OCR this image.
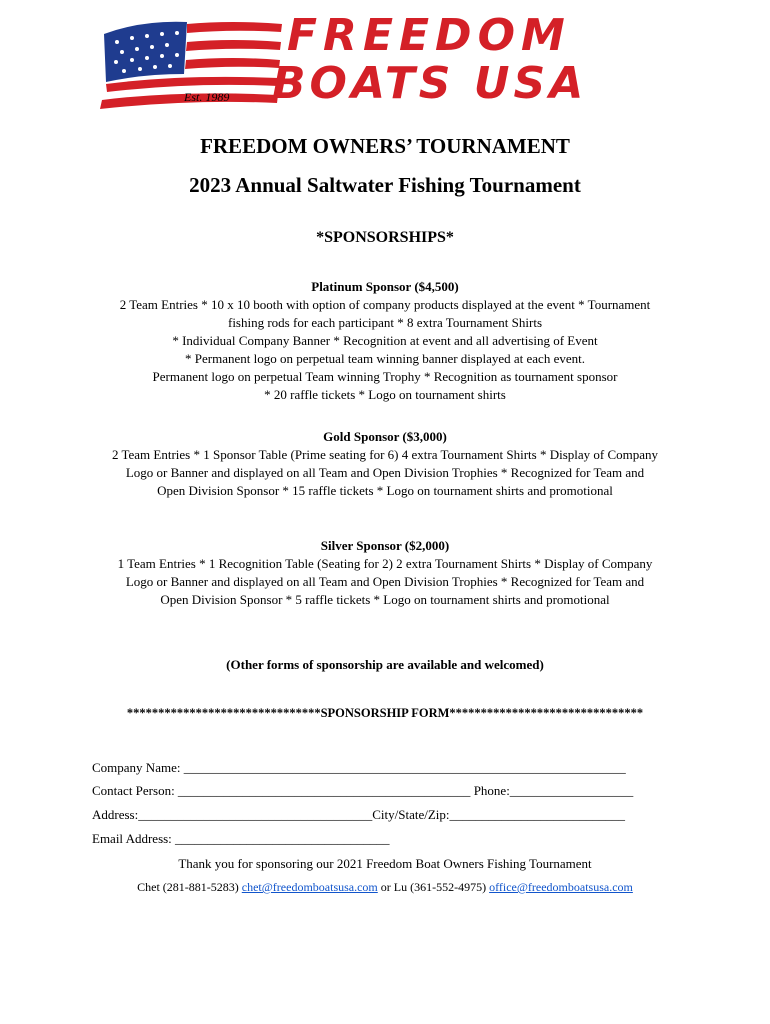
FREEDOM
BOATS USA
Est. 1989
FREEDOM OWNERS’ TOURNAMENT
2023 Annual Saltwater Fishing Tournament
*SPONSORSHIPS*
Platinum Sponsor ($4,500)
2 Team Entries * 10 x 10 booth with option of company products displayed at the event * Tournament
fishing rods for each participant * 8 extra Tournament Shirts
* Individual Company Banner * Recognition at event and all advertising of Event
* Permanent logo on perpetual team winning banner displayed at each event.
Permanent logo on perpetual Team winning Trophy * Recognition as tournament sponsor
* 20 raffle tickets * Logo on tournament shirts
Gold Sponsor ($3,000)
2 Team Entries * 1 Sponsor Table (Prime seating for 6) 4 extra Tournament Shirts * Display of Company
Logo or Banner and displayed on all Team and Open Division Trophies * Recognized for Team and
Open Division Sponsor * 15 raffle tickets * Logo on tournament shirts and promotional
Silver Sponsor ($2,000)
1 Team Entries * 1 Recognition Table (Seating for 2) 2 extra Tournament Shirts * Display of Company
Logo or Banner and displayed on all Team and Open Division Trophies * Recognized for Team and
Open Division Sponsor * 5 raffle tickets * Logo on tournament shirts and promotional
(Other forms of sponsorship are available and welcomed)
*******************************SPONSORSHIP FORM*******************************
Company Name: ____________________________________________________________________
Contact Person: _____________________________________________ Phone:___________________
Address:____________________________________City/State/Zip:___________________________
Email Address: _________________________________
Thank you for sponsoring our 2021 Freedom Boat Owners Fishing Tournament
Chet (281-881-5283) chet@freedomboatsusa.com or Lu (361-552-4975) office@freedomboatsusa.com
